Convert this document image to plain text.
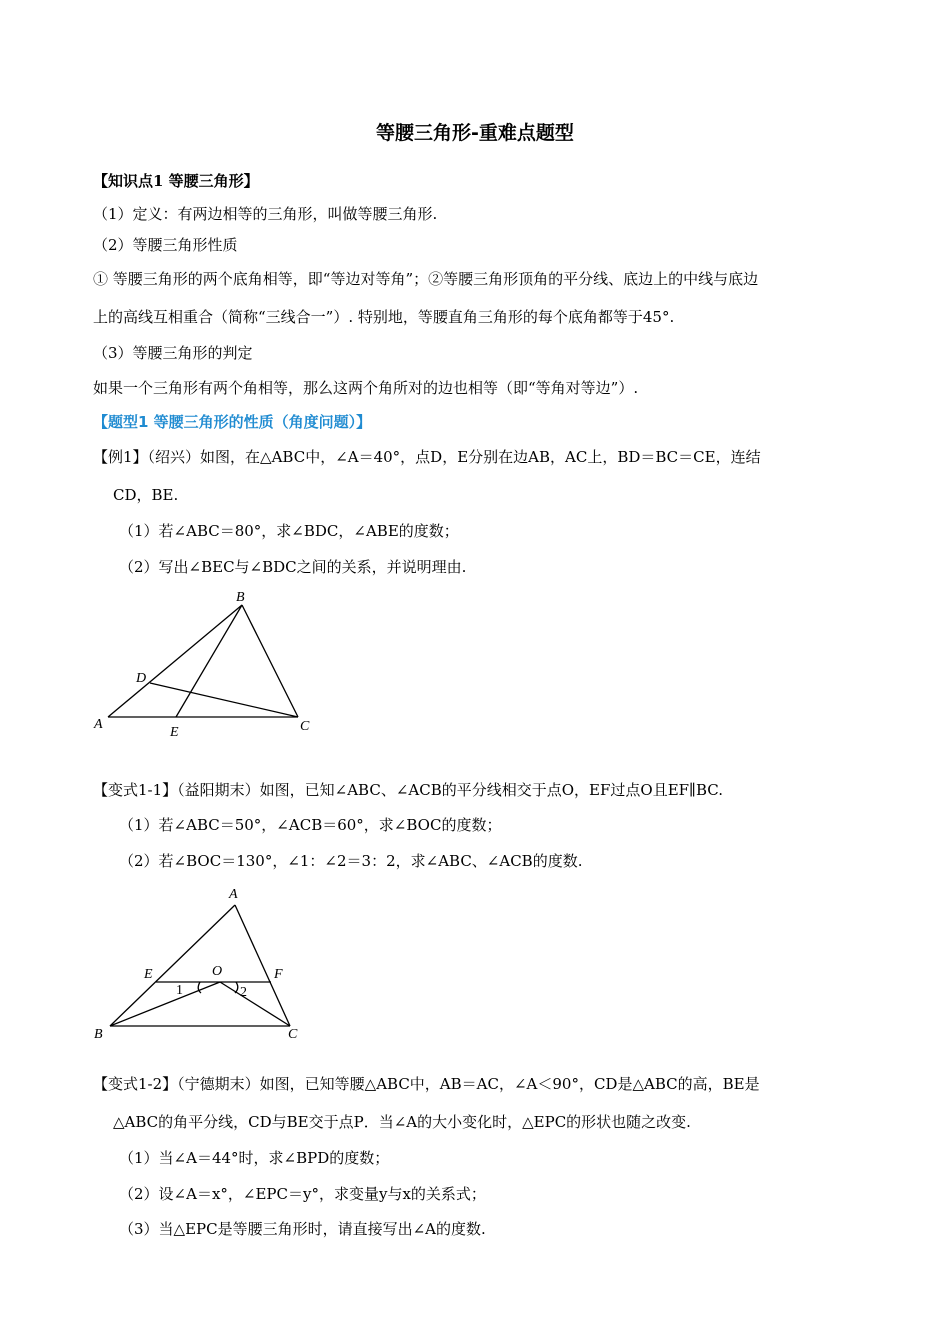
等腰三角形-重难点题型
【知识点1 等腰三角形】
（1）定义：有两边相等的三角形，叫做等腰三角形.
（2）等腰三角形性质
① 等腰三角形的两个底角相等，即“等边对等角”；②等腰三角形顶角的平分线、底边上的中线与底边
上的高线互相重合（简称“三线合一”）. 特别地，等腰直角三角形的每个底角都等于45°.
（3）等腰三角形的判定
如果一个三角形有两个角相等，那么这两个角所对的边也相等（即“等角对等边”）.
【题型1 等腰三角形的性质（角度问题）】
【例1】（绍兴）如图，在△ABC中，∠A＝40°，点D，E分别在边AB，AC上，BD＝BC＝CE，连结
CD，BE.
（1）若∠ABC＝80°，求∠BDC，∠ABE的度数；
（2）写出∠BEC与∠BDC之间的关系，并说明理由.
B
D
A
E	C
【变式1-1】（益阳期末）如图，已知∠ABC、∠ACB的平分线相交于点O，EF过点O且EF∥BC.
（1）若∠ABC＝50°，∠ACB＝60°，求∠BOC的度数；
（2）若∠BOC＝130°，∠1：∠2＝3：2，求∠ABC、∠ACB的度数.
A
E	O	F
1	2
B	C
【变式1-2】（宁德期末）如图，已知等腰△ABC中，AB＝AC，∠A＜90°，CD是△ABC的高，BE是
△ABC的角平分线，CD与BE交于点P．当∠A的大小变化时，△EPC的形状也随之改变.
（1）当∠A＝44°时，求∠BPD的度数；
（2）设∠A＝x°，∠EPC＝y°，求变量y与x的关系式；
（3）当△EPC是等腰三角形时，请直接写出∠A的度数.
